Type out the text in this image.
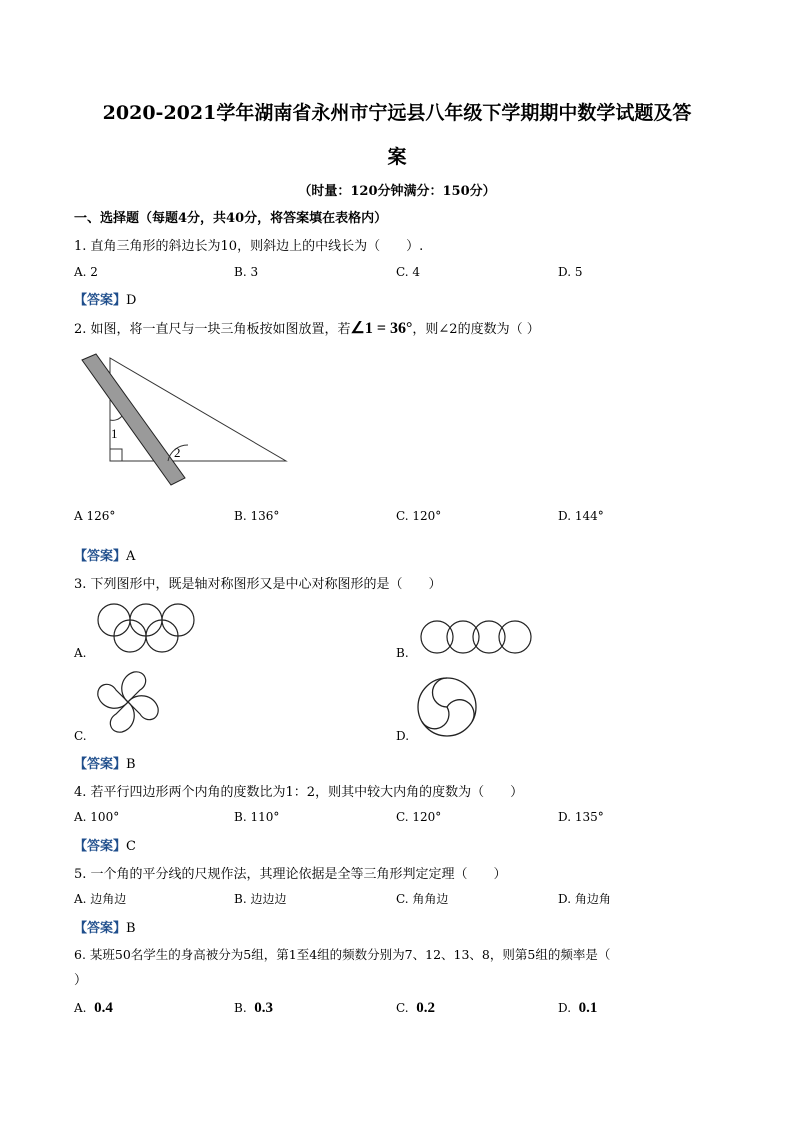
2020-2021学年湖南省永州市宁远县八年级下学期期中数学试题及答
案
（时量：120分钟满分：150分）
一、选择题（每题4分，共40分，将答案填在表格内）
1. 直角三角形的斜边长为10，则斜边上的中线长为（　　）.
A. 2	B. 3	C. 4	D. 5
【答案】D
2. 如图，将一直尺与一块三角板按如图放置，若∠1 = 36°，则∠2的度数为（ ）
1
2
A 126°	B. 136°	C. 120°	D. 144°
【答案】A
3. 下列图形中，既是轴对称图形又是中心对称图形的是（　　）
A.	B.
C.	D.
【答案】B
4. 若平行四边形两个内角的度数比为1：2，则其中较大内角的度数为（　　）
A. 100°	B. 110°	C. 120°	D. 135°
【答案】C
5. 一个角的平分线的尺规作法，其理论依据是全等三角形判定定理（　　）
A. 边角边	B. 边边边	C. 角角边	D. 角边角
【答案】B
6. 某班50名学生的身高被分为5组，第1至4组的频数分别为7、12、13、8，则第5组的频率是（
）
A. 0.4	B. 0.3	C. 0.2	D. 0.1
